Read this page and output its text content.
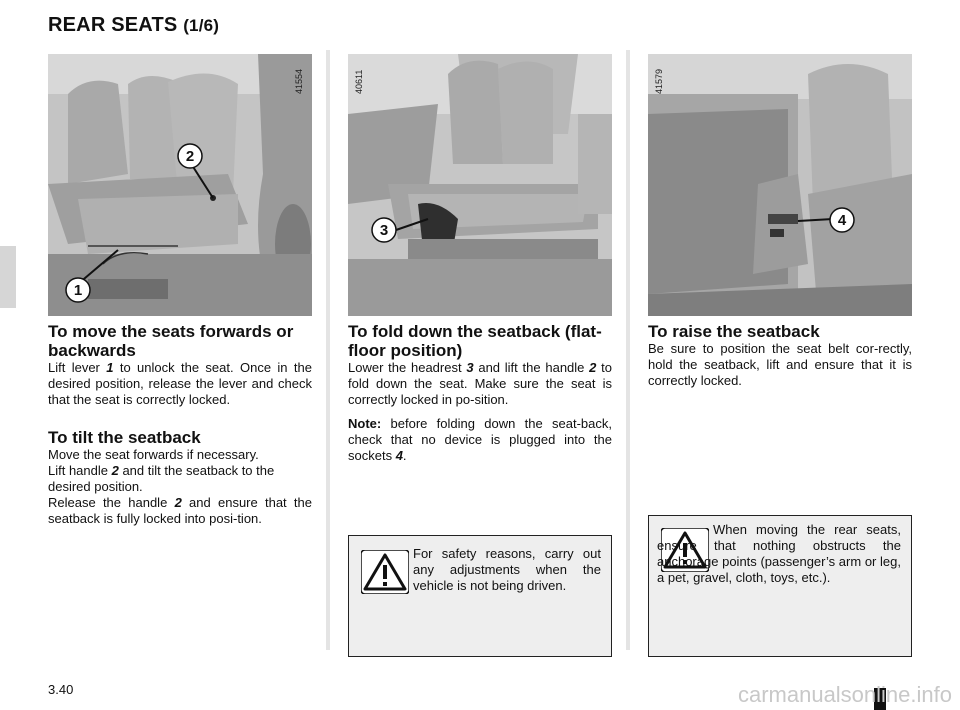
REAR SEATS (1/6)
2
1
41554
3
40611
4
41579
To move the seats forwards or backwards

Lift lever 1 to unlock the seat. Once in the desired position, release the lever and check that the seat is correctly locked.

To tilt the seatback

Move the seat forwards if necessary.

Lift handle 2 and tilt the seatback to the desired position.

Release the handle 2 and ensure that the seatback is fully locked into posi-tion.

To fold down the seatback (flat-floor position)

Lower the headrest 3 and lift the handle 2 to fold down the seat. Make sure the seat is correctly locked in po-sition.

Note: before folding down the seat-back, check that no device is plugged into the sockets 4.

For safety reasons, carry out any adjustments when the vehicle is not being driven.
To raise the seatback

Be sure to position the seat belt cor-rectly, hold the seatback, lift and ensure that it is correctly locked.

When moving the rear seats, ensure that nothing obstructs the anchorage points (passenger’s arm or leg, a pet, gravel, cloth, toys, etc.).
3.40	carmanualsonline.info
